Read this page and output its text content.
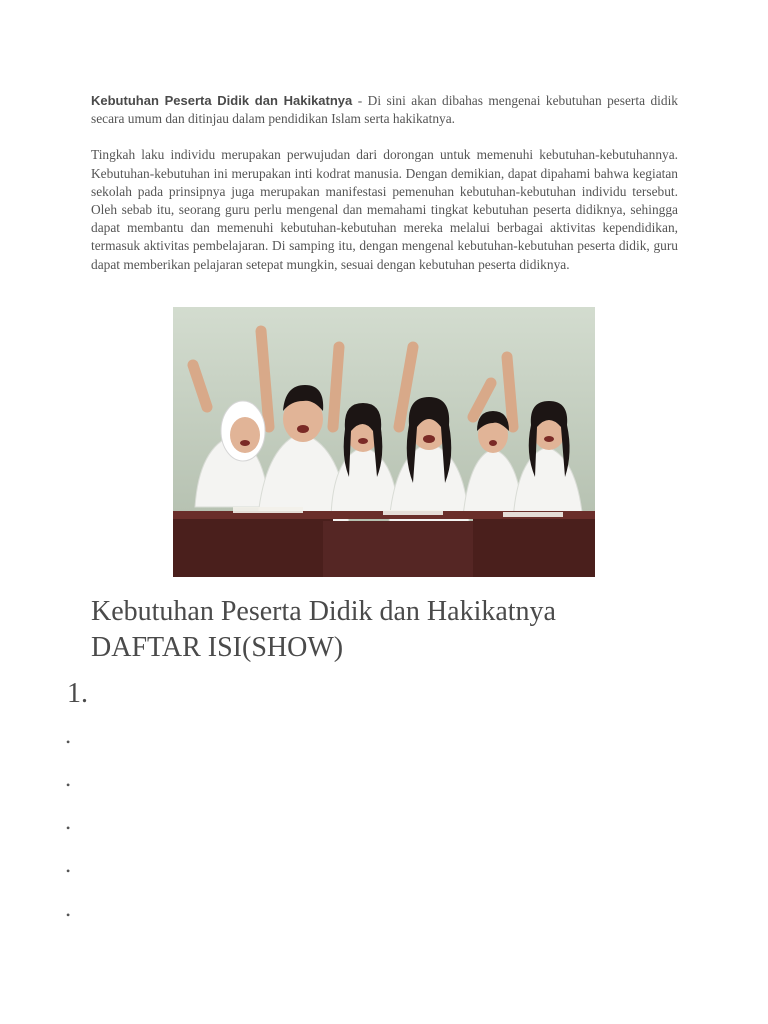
Kebutuhan Peserta Didik dan Hakikatnya - Di sini akan dibahas mengenai kebutuhan peserta didik secara umum dan ditinjau dalam pendidikan Islam serta hakikatnya.

Tingkah laku individu merupakan perwujudan dari dorongan untuk memenuhi kebutuhan-kebutuhannya. Kebutuhan-kebutuhan ini merupakan inti kodrat manusia. Dengan demikian, dapat dipahami bahwa kegiatan sekolah pada prinsipnya juga merupakan manifestasi pemenuhan kebutuhan-kebutuhan individu tersebut. Oleh sebab itu, seorang guru perlu mengenal dan memahami tingkat kebutuhan peserta didiknya, sehingga dapat membantu dan memenuhi kebutuhan-kebutuhan mereka melalui berbagai aktivitas kependidikan, termasuk aktivitas pembelajaran. Di samping itu, dengan mengenal kebutuhan-kebutuhan peserta didik, guru dapat memberikan pelajaran setepat mungkin, sesuai dengan kebutuhan peserta didiknya.

Kebutuhan Peserta Didik dan Hakikatnya
DAFTAR ISI(SHOW)
1.
•
•
•
•
•
